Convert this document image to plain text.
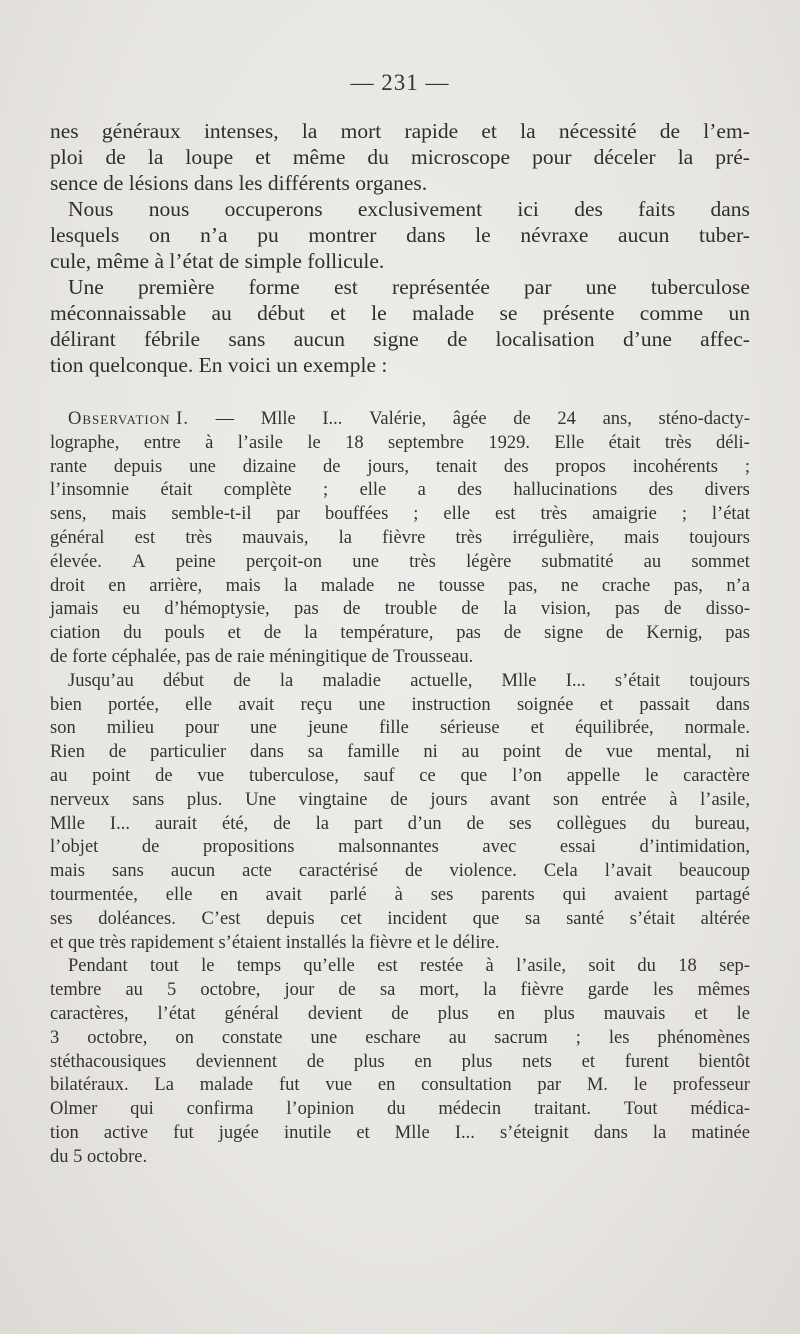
— 231 —
nes généraux intenses, la mort rapide et la nécessité de l’em-
ploi de la loupe et même du microscope pour déceler la pré-
sence de lésions dans les différents organes.
Nous nous occuperons exclusivement ici des faits dans
lesquels on n’a pu montrer dans le névraxe aucun tuber-
cule, même à l’état de simple follicule.
Une première forme est représentée par une tuberculose
méconnaissable au début et le malade se présente comme un
délirant fébrile sans aucun signe de localisation d’une affec-
tion quelconque. En voici un exemple :
Observation I. — Mlle I... Valérie, âgée de 24 ans, sténo-dacty-
lographe, entre à l’asile le 18 septembre 1929. Elle était très déli-
rante depuis une dizaine de jours, tenait des propos incohérents ;
l’insomnie était complète ; elle a des hallucinations des divers
sens, mais semble-t-il par bouffées ; elle est très amaigrie ; l’état
général est très mauvais, la fièvre très irrégulière, mais toujours
élevée. A peine perçoit-on une très légère submatité au sommet
droit en arrière, mais la malade ne tousse pas, ne crache pas, n’a
jamais eu d’hémoptysie, pas de trouble de la vision, pas de disso-
ciation du pouls et de la température, pas de signe de Kernig, pas
de forte céphalée, pas de raie méningitique de Trousseau.
Jusqu’au début de la maladie actuelle, Mlle I... s’était toujours
bien portée, elle avait reçu une instruction soignée et passait dans
son milieu pour une jeune fille sérieuse et équilibrée, normale.
Rien de particulier dans sa famille ni au point de vue mental, ni
au point de vue tuberculose, sauf ce que l’on appelle le caractère
nerveux sans plus. Une vingtaine de jours avant son entrée à l’asile,
Mlle I... aurait été, de la part d’un de ses collègues du bureau,
l’objet de propositions malsonnantes avec essai d’intimidation,
mais sans aucun acte caractérisé de violence. Cela l’avait beaucoup
tourmentée, elle en avait parlé à ses parents qui avaient partagé
ses doléances. C’est depuis cet incident que sa santé s’était altérée
et que très rapidement s’étaient installés la fièvre et le délire.
Pendant tout le temps qu’elle est restée à l’asile, soit du 18 sep-
tembre au 5 octobre, jour de sa mort, la fièvre garde les mêmes
caractères, l’état général devient de plus en plus mauvais et le
3 octobre, on constate une eschare au sacrum ; les phénomènes
stéthacousiques deviennent de plus en plus nets et furent bientôt
bilatéraux. La malade fut vue en consultation par M. le professeur
Olmer qui confirma l’opinion du médecin traitant. Tout médica-
tion active fut jugée inutile et Mlle I... s’éteignit dans la matinée
du 5 octobre.
